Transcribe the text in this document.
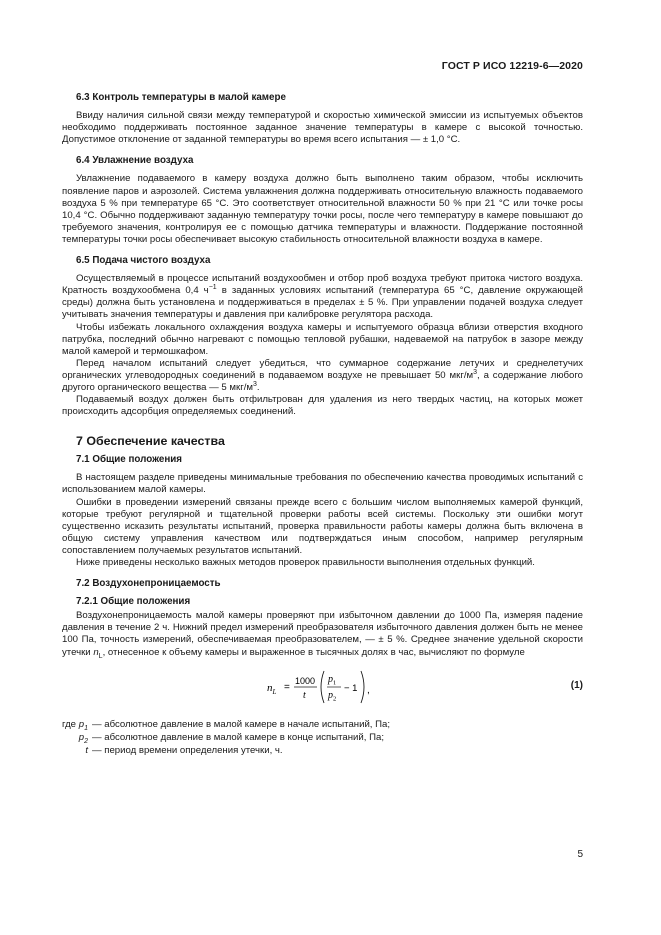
ГОСТ Р ИСО 12219-6—2020
6.3 Контроль температуры в малой камере

Ввиду наличия сильной связи между температурой и скоростью химической эмиссии из испытуемых объектов необходимо поддерживать постоянное заданное значение температуры в камере с высокой точностью. Допустимое отклонение от заданной температуры во время всего испытания — ± 1,0 °С.

6.4 Увлажнение воздуха

Увлажнение подаваемого в камеру воздуха должно быть выполнено таким образом, чтобы исключить появление паров и аэрозолей. Система увлажнения должна поддерживать относительную влажность подаваемого воздуха 5 % при температуре 65 °С. Это соответствует относительной влажности 50 % при 21 °С или точке росы 10,4 °С. Обычно поддерживают заданную температуру точки росы, после чего температуру в камере повышают до требуемого значения, контролируя ее с помощью датчика температуры и влажности. Поддержание постоянной температуры точки росы обеспечивает высокую стабильность относительной влажности воздуха в камере.

6.5 Подача чистого воздуха

Осуществляемый в процессе испытаний воздухообмен и отбор проб воздуха требуют притока чистого воздуха. Кратность воздухообмена 0,4 $ч^{-1}$ в заданных условиях испытаний (температура 65 °С, давление окружающей среды) должна быть установлена и поддерживаться в пределах ± 5 %. При управлении подачей воздуха следует учитывать значения температуры и давления при калибровке регулятора расхода.

Чтобы избежать локального охлаждения воздуха камеры и испытуемого образца вблизи отверстия входного патрубка, последний обычно нагревают с помощью тепловой рубашки, надеваемой на патрубок в зазоре между малой камерой и термошкафом.

Перед началом испытаний следует убедиться, что суммарное содержание летучих и среднелетучих органических углеводородных соединений в подаваемом воздухе не превышает 50 мкг/$м^3$, а содержание любого другого органического вещества — 5 мкг/$м^3$.

Подаваемый воздух должен быть отфильтрован для удаления из него твердых частиц, на которых может происходить адсорбция определяемых соединений.

7 Обеспечение качества
7.1 Общие положения

В настоящем разделе приведены минимальные требования по обеспечению качества проводимых испытаний с использованием малой камеры.

Ошибки в проведении измерений связаны прежде всего с большим числом выполняемых камерой функций, которые требуют регулярной и тщательной проверки работы всей системы. Поскольку эти ошибки могут существенно исказить результаты испытаний, проверка правильности работы камеры должна быть включена в общую систему управления качеством или подтверждаться иным способом, например регулярным сопоставлением получаемых результатов испытаний.

Ниже приведены несколько важных методов проверок правильности выполнения отдельных функций.

7.2 Воздухонепроницаемость
7.2.1 Общие положения

Воздухонепроницаемость малой камеры проверяют при избыточном давлении до 1000 Па, измеряя падение давления в течение 2 ч. Нижний предел измерений преобразователя избыточного давления должен быть не менее 100 Па, точность измерений, обеспечиваемая преобразователем, — ± 5 %. Среднее значение удельной скорости утечки $n_L$, отнесенное к объему камеры и выраженное в тысячных долях в час, вычисляют по формуле

$n_L$ =
1000
t
$p_1$
$p_2$
− 1 ,	(1)
где $p_1$ — абсолютное давление в малой камере в начале испытаний, Па;
$p_2$ — абсолютное давление в малой камере в конце испытаний, Па;
t — период времени определения утечки, ч.
5
